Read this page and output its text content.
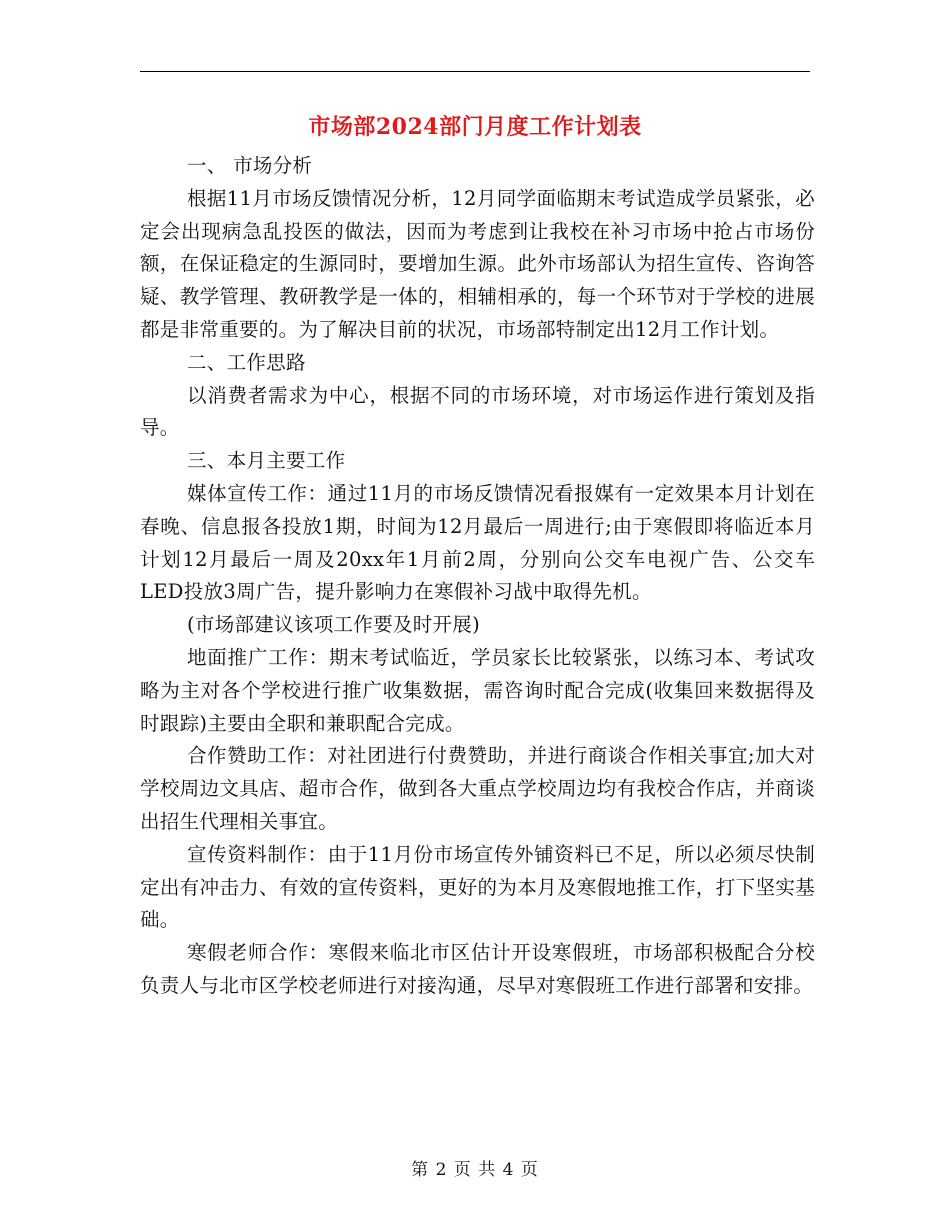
市场部2024部门月度工作计划表

一、 市场分析

根据11月市场反馈情况分析，12月同学面临期末考试造成学员紧张，必定会出现病急乱投医的做法，因而为考虑到让我校在补习市场中抢占市场份额，在保证稳定的生源同时，要增加生源。此外市场部认为招生宣传、咨询答疑、教学管理、教研教学是一体的，相辅相承的，每一个环节对于学校的进展都是非常重要的。为了解决目前的状况，市场部特制定出12月工作计划。

二、工作思路

以消费者需求为中心，根据不同的市场环境，对市场运作进行策划及指导。

三、本月主要工作

媒体宣传工作：通过11月的市场反馈情况看报媒有一定效果本月计划在春晚、信息报各投放1期，时间为12月最后一周进行;由于寒假即将临近本月计划12月最后一周及20xx年1月前2周，分别向公交车电视广告、公交车LED投放3周广告，提升影响力在寒假补习战中取得先机。

(市场部建议该项工作要及时开展)

地面推广工作：期末考试临近，学员家长比较紧张，以练习本、考试攻略为主对各个学校进行推广收集数据，需咨询时配合完成(收集回来数据得及时跟踪)主要由全职和兼职配合完成。

合作赞助工作：对社团进行付费赞助，并进行商谈合作相关事宜;加大对学校周边文具店、超市合作，做到各大重点学校周边均有我校合作店，并商谈出招生代理相关事宜。

宣传资料制作：由于11月份市场宣传外铺资料已不足，所以必须尽快制定出有冲击力、有效的宣传资料，更好的为本月及寒假地推工作，打下坚实基础。

寒假老师合作：寒假来临北市区估计开设寒假班，市场部积极配合分校负责人与北市区学校老师进行对接沟通，尽早对寒假班工作进行部署和安排。

第 2 页 共 4 页
